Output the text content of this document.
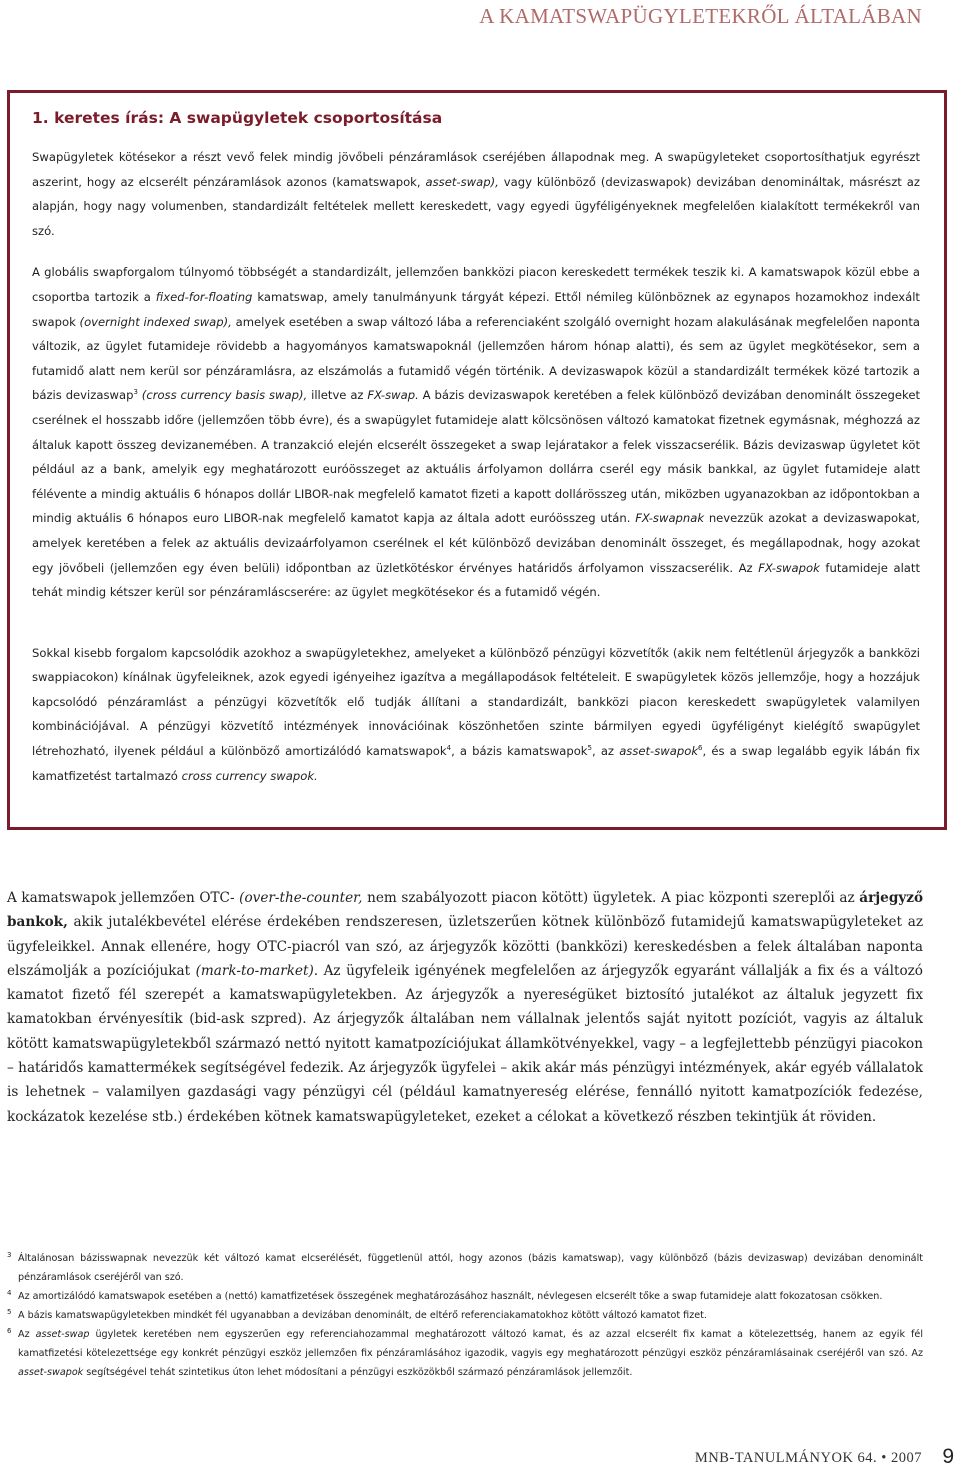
A KAMATSWAPÜGYLETEKRŐL ÁLTALÁBAN
1. keretes írás: A swapügyletek csoportosítása

Swapügyletek kötésekor a részt vevő felek mindig jövőbeli pénzáramlások cseréjében állapodnak meg. A swapügyleteket csoportosíthatjuk egyrészt aszerint, hogy az elcserélt pénzáramlások azonos (kamatswapok, asset-swap), vagy különböző (devizaswapok) devizában denomináltak, másrészt az alapján, hogy nagy volumenben, standardizált feltételek mellett kereskedett, vagy egyedi ügyféligényeknek megfelelően kialakított termékekről van szó.

A globális swapforgalom túlnyomó többségét a standardizált, jellemzően bankközi piacon kereskedett termékek teszik ki. A kamatswapok közül ebbe a csoportba tartozik a fixed-for-floating kamatswap, amely tanulmányunk tárgyát képezi. Ettől némileg különböznek az egynapos hozamokhoz indexált swapok (overnight indexed swap), amelyek esetében a swap változó lába a referenciaként szolgáló overnight hozam alakulásának megfelelően naponta változik, az ügylet futamideje rövidebb a hagyományos kamatswapoknál (jellemzően három hónap alatti), és sem az ügylet megkötésekor, sem a futamidő alatt nem kerül sor pénzáramlásra, az elszámolás a futamidő végén történik. A devizaswapok közül a standardizált termékek közé tartozik a bázis devizaswap$^3$ (cross currency basis swap), illetve az FX-swap. A bázis devizaswapok keretében a felek különböző devizában denominált összegeket cserélnek el hosszabb időre (jellemzően több évre), és a swapügylet futamideje alatt kölcsönösen változó kamatokat fizetnek egymásnak, méghozzá az általuk kapott összeg devizanemében. A tranzakció elején elcserélt összegeket a swap lejáratakor a felek visszacserélik. Bázis devizaswap ügyletet köt például az a bank, amelyik egy meghatározott euróösszeget az aktuális árfolyamon dollárra cserél egy másik bankkal, az ügylet futamideje alatt félévente a mindig aktuális 6 hónapos dollár LIBOR-nak megfelelő kamatot fizeti a kapott dollárösszeg után, miközben ugyanazokban az időpontokban a mindig aktuális 6 hónapos euro LIBOR-nak megfelelő kamatot kapja az általa adott euróösszeg után. FX-swapnak nevezzük azokat a devizaswapokat, amelyek keretében a felek az aktuális devizaárfolyamon cserélnek el két különböző devizában denominált összeget, és megállapodnak, hogy azokat egy jövőbeli (jellemzően egy éven belüli) időpontban az üzletkötéskor érvényes határidős árfolyamon visszacserélik. Az FX-swapok futamideje alatt tehát mindig kétszer kerül sor pénzáramláscserére: az ügylet megkötésekor és a futamidő végén.

Sokkal kisebb forgalom kapcsolódik azokhoz a swapügyletekhez, amelyeket a különböző pénzügyi közvetítők (akik nem feltétlenül árjegyzők a bankközi swappiacokon) kínálnak ügyfeleiknek, azok egyedi igényeihez igazítva a megállapodások feltételeit. E swapügyletek közös jellemzője, hogy a hozzájuk kapcsolódó pénzáramlást a pénzügyi közvetítők elő tudják állítani a standardizált, bankközi piacon kereskedett swapügyletek valamilyen kombinációjával. A pénzügyi közvetítő intézmények innovációinak köszönhetően szinte bármilyen egyedi ügyféligényt kielégítő swapügylet létrehozható, ilyenek például a különböző amortizálódó kamatswapok$^4$, a bázis kamatswapok$^5$, az asset-swapok$^6$, és a swap legalább egyik lábán fix kamatfizetést tartalmazó cross currency swapok.

A kamatswapok jellemzően OTC- (over-the-counter, nem szabályozott piacon kötött) ügyletek. A piac központi szereplői az árjegyző bankok, akik jutalékbevétel elérése érdekében rendszeresen, üzletszerűen kötnek különböző futamidejű kamatswapügyleteket az ügyfeleikkel. Annak ellenére, hogy OTC-piacról van szó, az árjegyzők közötti (bankközi) kereskedésben a felek általában naponta elszámolják a pozíciójukat (mark-to-market). Az ügyfeleik igényének megfelelően az árjegyzők egyaránt vállalják a fix és a változó kamatot fizető fél szerepét a kamatswapügyletekben. Az árjegyzők a nyereségüket biztosító jutalékot az általuk jegyzett fix kamatokban érvényesítik (bid-ask szpred). Az árjegyzők általában nem vállalnak jelentős saját nyitott pozíciót, vagyis az általuk kötött kamatswapügyletekből származó nettó nyitott kamatpozíciójukat államkötvényekkel, vagy – a legfejlettebb pénzügyi piacokon – határidős kamattermékek segítségével fedezik. Az árjegyzők ügyfelei – akik akár más pénzügyi intézmények, akár egyéb vállalatok is lehetnek – valamilyen gazdasági vagy pénzügyi cél (például kamatnyereség elérése, fennálló nyitott kamatpozíciók fedezése, kockázatok kezelése stb.) érdekében kötnek kamatswapügyleteket, ezeket a célokat a következő részben tekintjük át röviden.

3 Általánosan bázisswapnak nevezzük két változó kamat elcserélését, függetlenül attól, hogy azonos (bázis kamatswap), vagy különböző (bázis devizaswap) devizában denominált pénzáramlások cseréjéről van szó.
4 Az amortizálódó kamatswapok esetében a (nettó) kamatfizetések összegének meghatározásához használt, névlegesen elcserélt tőke a swap futamideje alatt fokozatosan csökken.
5 A bázis kamatswapügyletekben mindkét fél ugyanabban a devizában denominált, de eltérő referenciakamatokhoz kötött változó kamatot fizet.
6 Az asset-swap ügyletek keretében nem egyszerűen egy referenciahozammal meghatározott változó kamat, és az azzal elcserélt fix kamat a kötelezettség, hanem az egyik fél kamatfizetési kötelezettsége egy konkrét pénzügyi eszköz jellemzően fix pénzáramlásához igazodik, vagyis egy meghatározott pénzügyi eszköz pénzáramlásainak cseréjéről van szó. Az asset-swapok segítségével tehát szintetikus úton lehet módosítani a pénzügyi eszközökből származó pénzáramlások jellemzőit.
MNB-TANULMÁNYOK 64. • 2007 9
